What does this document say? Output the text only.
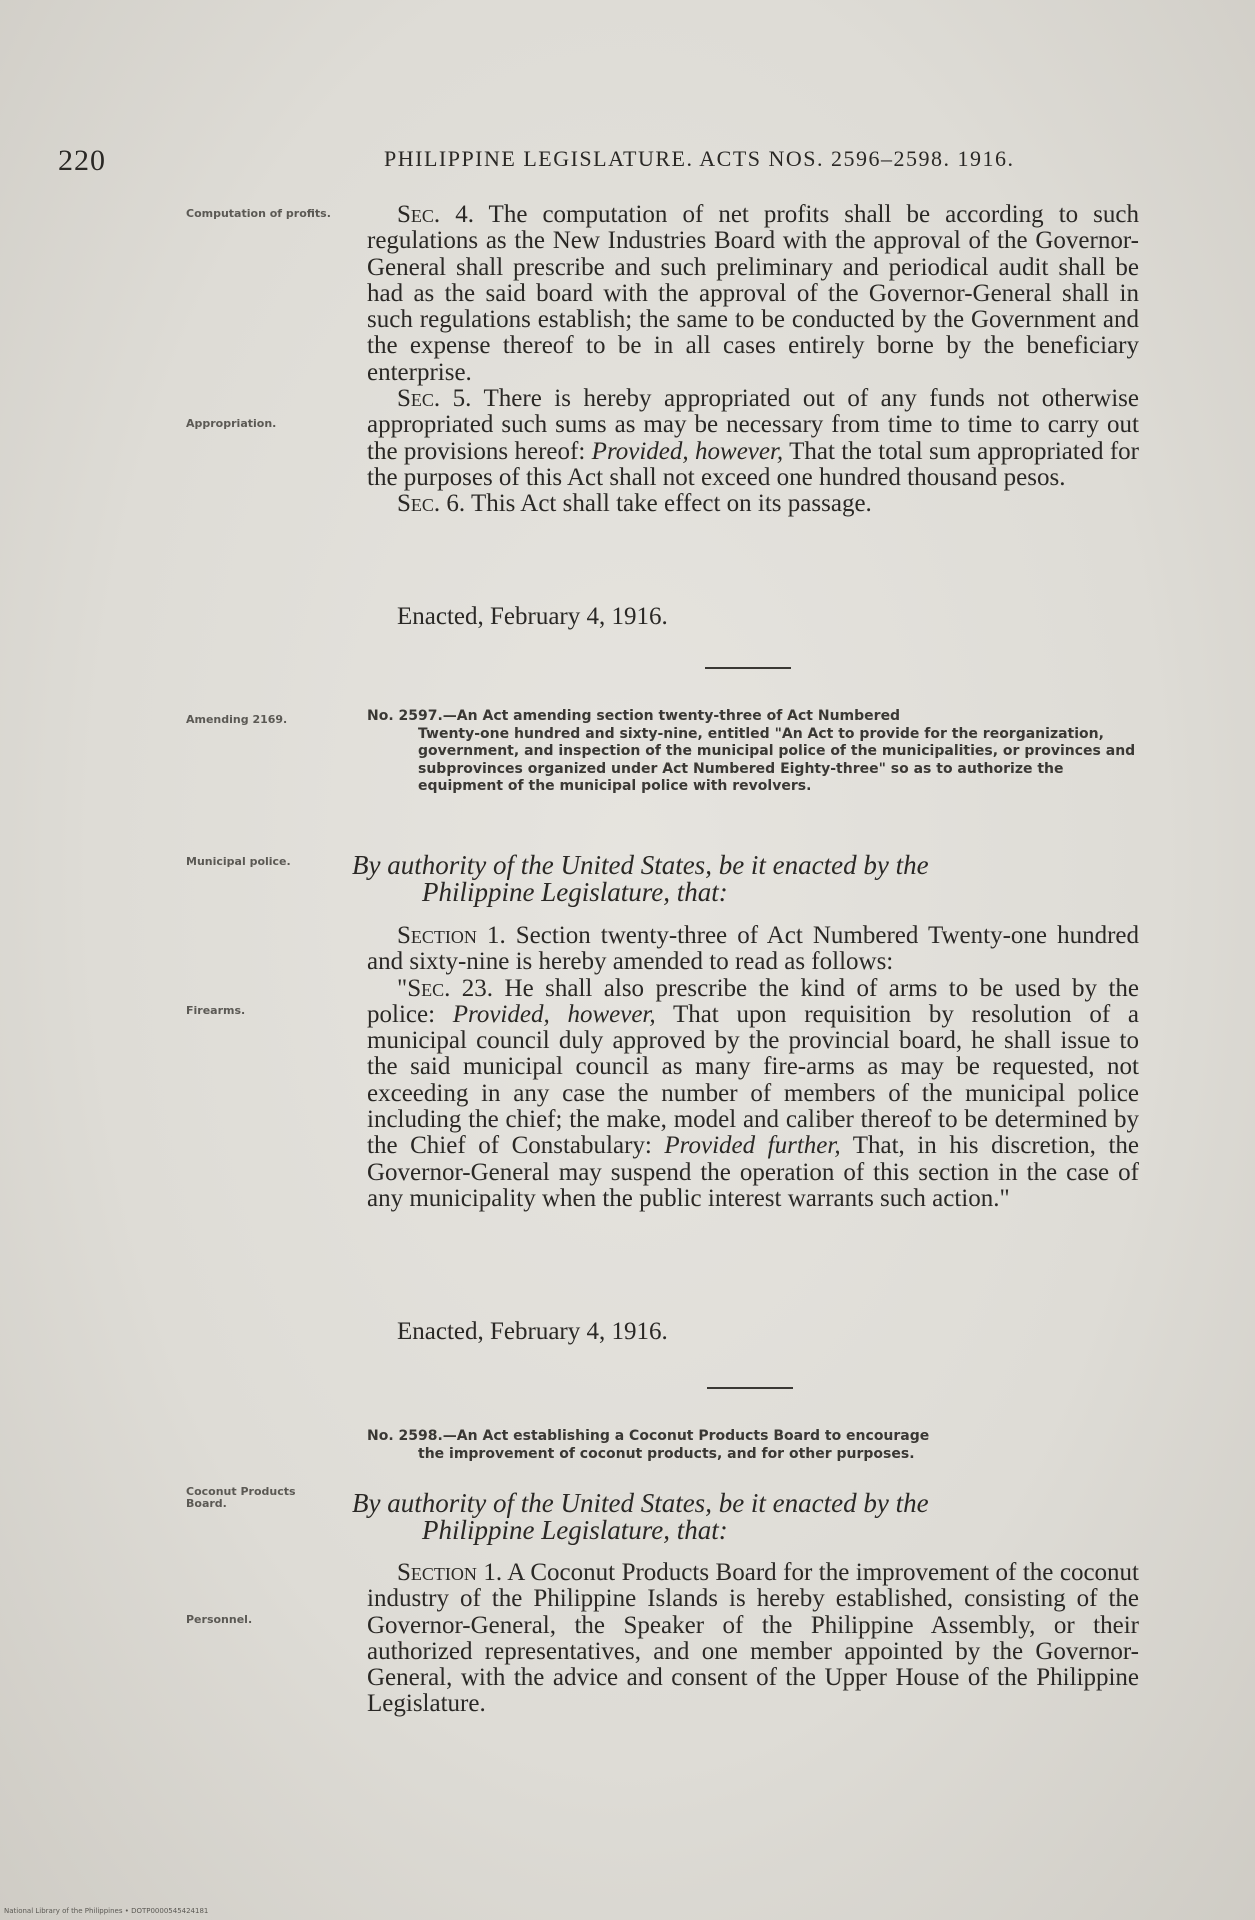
220	PHILIPPINE LEGISLATURE. ACTS NOS. 2596–2598. 1916.
Computation of profits.
Appropriation.
Amending 2169.
Municipal police.
Firearms.
Coconut Products Board.
Personnel.

Sec. 4. The computation of net profits shall be according to such regulations as the New Industries Board with the approval of the Governor-General shall prescribe and such preliminary and periodical audit shall be had as the said board with the approval of the Governor-General shall in such regulations establish; the same to be conducted by the Government and the expense thereof to be in all cases entirely borne by the beneficiary enterprise.

Sec. 5. There is hereby appropriated out of any funds not otherwise appropriated such sums as may be necessary from time to time to carry out the provisions hereof: Provided, however, That the total sum appropriated for the purposes of this Act shall not exceed one hundred thousand pesos.

Sec. 6. This Act shall take effect on its passage.

Enacted, February 4, 1916.
No. 2597.—An Act amending section twenty-three of Act Numbered
Twenty-one hundred and sixty-nine, entitled "An Act to provide for the reorganization, government, and inspection of the municipal police of the municipalities, or provinces and subprovinces organized under Act Numbered Eighty-three" so as to authorize the equipment of the municipal police with revolvers.
By authority of the United States, be it enacted by the
Philippine Legislature, that:

Section 1. Section twenty-three of Act Numbered Twenty-one hundred and sixty-nine is hereby amended to read as follows:

"Sec. 23. He shall also prescribe the kind of arms to be used by the police: Provided, however, That upon requisition by resolution of a municipal council duly approved by the provincial board, he shall issue to the said municipal council as many fire-arms as may be requested, not exceeding in any case the number of members of the municipal police including the chief; the make, model and caliber thereof to be determined by the Chief of Constabulary: Provided further, That, in his discretion, the Governor-General may suspend the operation of this section in the case of any municipality when the public interest warrants such action."

Enacted, February 4, 1916.
No. 2598.—An Act establishing a Coconut Products Board to encourage
the improvement of coconut products, and for other purposes.
By authority of the United States, be it enacted by the
Philippine Legislature, that:

Section 1. A Coconut Products Board for the improvement of the coconut industry of the Philippine Islands is hereby established, consisting of the Governor-General, the Speaker of the Philippine Assembly, or their authorized representatives, and one member appointed by the Governor-General, with the advice and consent of the Upper House of the Philippine Legislature.

National Library of the Philippines • DOTP0000545424181
